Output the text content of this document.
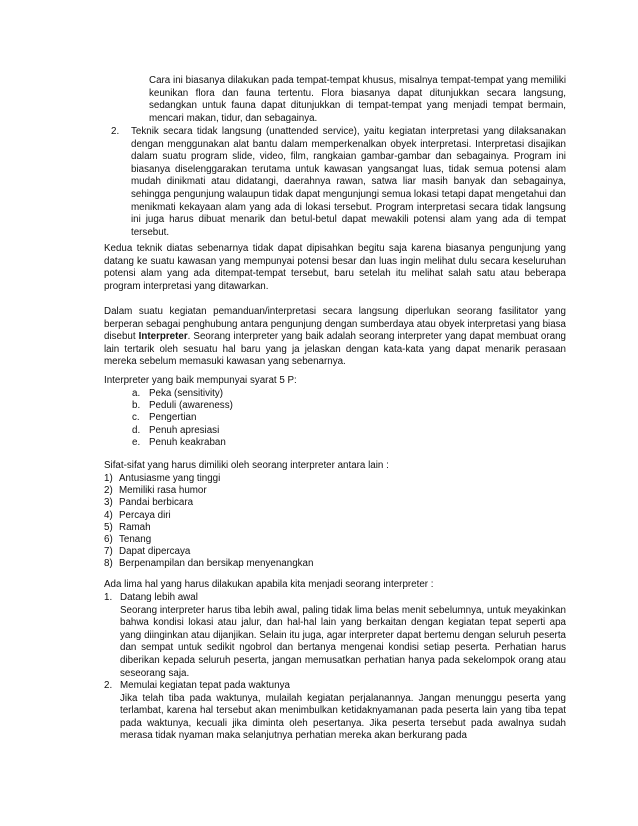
Cara ini biasanya dilakukan pada tempat-tempat khusus, misalnya tempat-tempat yang memiliki keunikan flora dan fauna tertentu. Flora biasanya dapat ditunjukkan secara langsung, sedangkan untuk fauna dapat ditunjukkan di tempat-tempat yang menjadi tempat bermain, mencari makan, tidur, dan sebagainya.
2. Teknik secara tidak langsung (unattended service), yaitu kegiatan interpretasi yang dilaksanakan dengan menggunakan alat bantu dalam memperkenalkan obyek interpretasi. Interpretasi disajikan dalam suatu program slide, video, film, rangkaian gambar-gambar dan sebagainya. Program ini biasanya diselenggarakan terutama untuk kawasan yangsangat luas, tidak semua potensi alam mudah dinikmati atau didatangi, daerahnya rawan, satwa liar masih banyak dan sebagainya, sehingga pengunjung walaupun tidak dapat mengunjungi semua lokasi tetapi dapat mengetahui dan menikmati kekayaan alam yang ada di lokasi tersebut. Program interpretasi secara tidak langsung ini juga harus dibuat menarik dan betul-betul dapat mewakili potensi alam yang ada di tempat tersebut.
Kedua teknik diatas sebenarnya tidak dapat dipisahkan begitu saja karena biasanya pengunjung yang datang ke suatu kawasan yang mempunyai potensi besar dan luas ingin melihat dulu secara keseluruhan potensi alam yang ada ditempat-tempat tersebut, baru setelah itu melihat salah satu atau beberapa program interpretasi yang ditawarkan.
Dalam suatu kegiatan pemanduan/interpretasi secara langsung diperlukan seorang fasilitator yang berperan sebagai penghubung antara pengunjung dengan sumberdaya atau obyek interpretasi yang biasa disebut Interpreter. Seorang interpreter yang baik adalah seorang interpreter yang dapat membuat orang lain tertarik oleh sesuatu hal baru yang ja jelaskan dengan kata-kata yang dapat menarik perasaan mereka sebelum memasuki kawasan yang sebenarnya.
Interpreter yang baik mempunyai syarat 5 P:
a. Peka (sensitivity)
b. Peduli (awareness)
c. Pengertian
d. Penuh apresiasi
e. Penuh keakraban
Sifat-sifat yang harus dimiliki oleh seorang interpreter antara lain :
1) Antusiasme yang tinggi
2) Memiliki rasa humor
3) Pandai berbicara
4) Percaya diri
5) Ramah
6) Tenang
7) Dapat dipercaya
8) Berpenampilan dan bersikap menyenangkan
Ada lima hal yang harus dilakukan apabila kita menjadi seorang interpreter :
1. Datang lebih awal
Seorang interpreter harus tiba lebih awal, paling tidak lima belas menit sebelumnya, untuk meyakinkan bahwa kondisi lokasi atau jalur, dan hal-hal lain yang berkaitan dengan kegiatan tepat seperti apa yang diinginkan atau dijanjikan. Selain itu juga, agar interpreter dapat bertemu dengan seluruh peserta dan sempat untuk sedikit ngobrol dan bertanya mengenai kondisi setiap peserta. Perhatian harus diberikan kepada seluruh peserta, jangan memusatkan perhatian hanya pada sekelompok orang atau seseorang saja.
2. Memulai kegiatan tepat pada waktunya
Jika telah tiba pada waktunya, mulailah kegiatan perjalanannya. Jangan menunggu peserta yang terlambat, karena hal tersebut akan menimbulkan ketidaknyamanan pada peserta lain yang tiba tepat pada waktunya, kecuali jika diminta oleh pesertanya. Jika peserta tersebut pada awalnya sudah merasa tidak nyaman maka selanjutnya perhatian mereka akan berkurang pada
